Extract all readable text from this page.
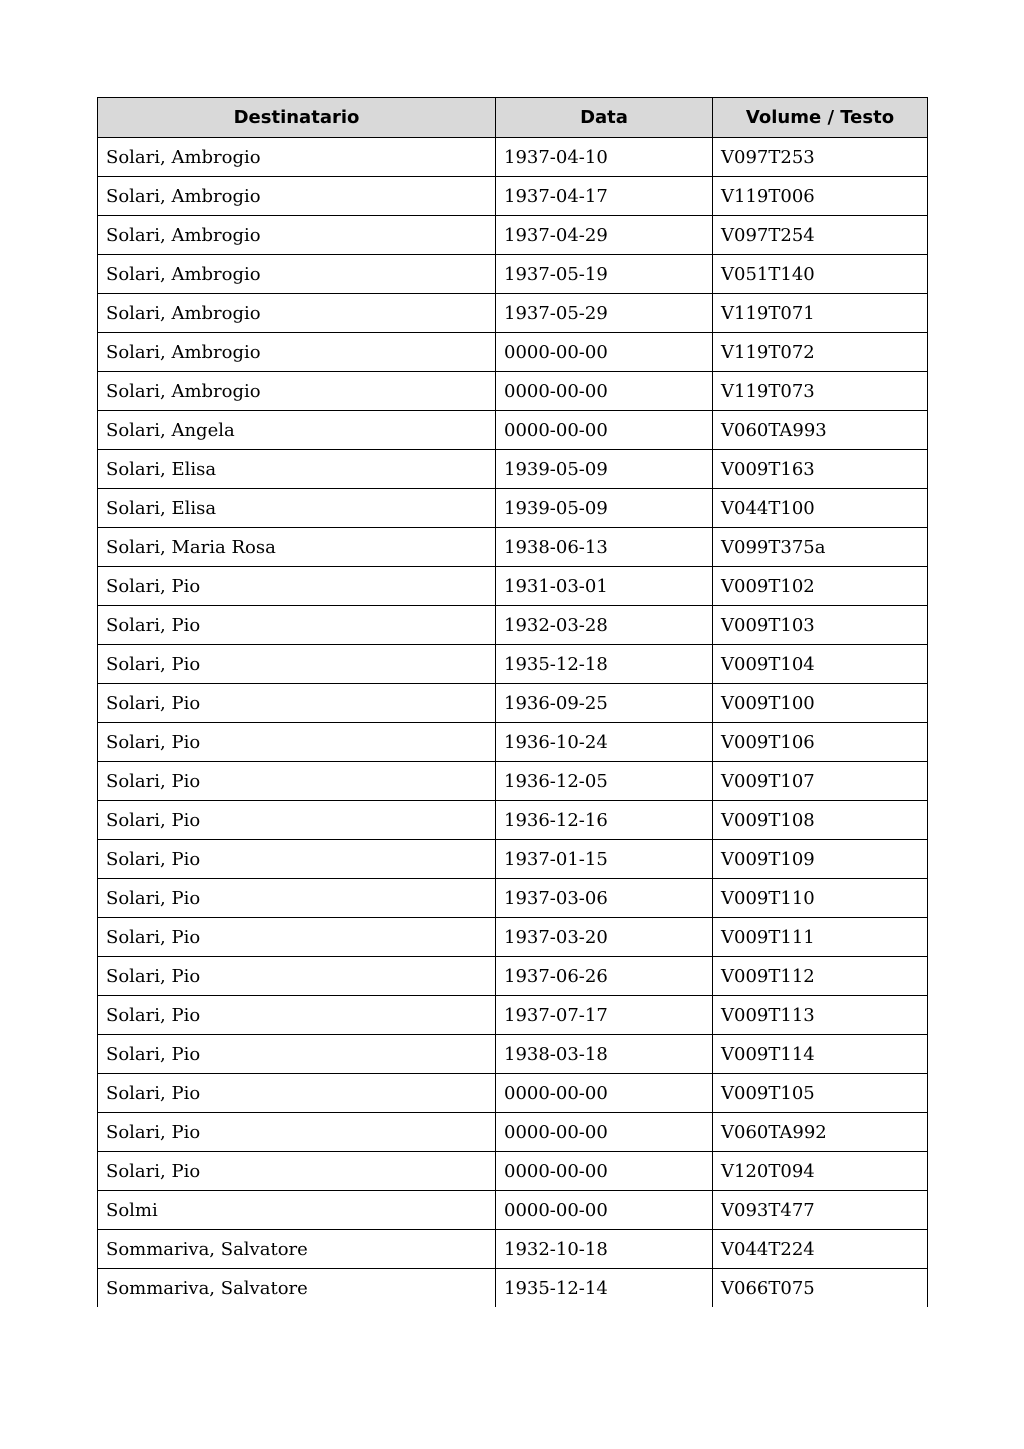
Destinatario	Data	Volume / Testo
Solari, Ambrogio	1937-04-10	V097T253
Solari, Ambrogio	1937-04-17	V119T006
Solari, Ambrogio	1937-04-29	V097T254
Solari, Ambrogio	1937-05-19	V051T140
Solari, Ambrogio	1937-05-29	V119T071
Solari, Ambrogio	0000-00-00	V119T072
Solari, Ambrogio	0000-00-00	V119T073
Solari, Angela	0000-00-00	V060TA993
Solari, Elisa	1939-05-09	V009T163
Solari, Elisa	1939-05-09	V044T100
Solari, Maria Rosa	1938-06-13	V099T375a
Solari, Pio	1931-03-01	V009T102
Solari, Pio	1932-03-28	V009T103
Solari, Pio	1935-12-18	V009T104
Solari, Pio	1936-09-25	V009T100
Solari, Pio	1936-10-24	V009T106
Solari, Pio	1936-12-05	V009T107
Solari, Pio	1936-12-16	V009T108
Solari, Pio	1937-01-15	V009T109
Solari, Pio	1937-03-06	V009T110
Solari, Pio	1937-03-20	V009T111
Solari, Pio	1937-06-26	V009T112
Solari, Pio	1937-07-17	V009T113
Solari, Pio	1938-03-18	V009T114
Solari, Pio	0000-00-00	V009T105
Solari, Pio	0000-00-00	V060TA992
Solari, Pio	0000-00-00	V120T094
Solmi	0000-00-00	V093T477
Sommariva, Salvatore	1932-10-18	V044T224
Sommariva, Salvatore	1935-12-14	V066T075
